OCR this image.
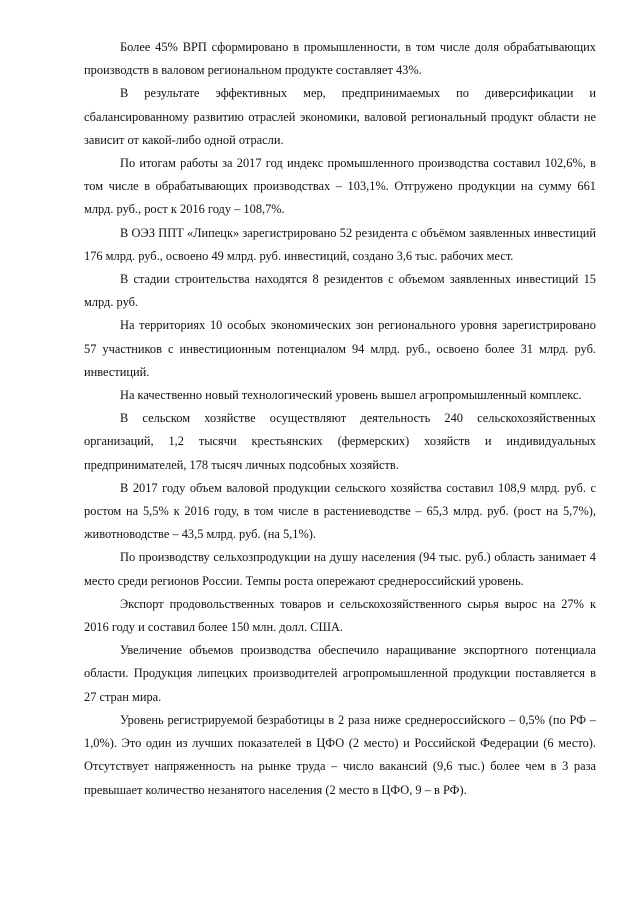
Более 45% ВРП сформировано в промышленности, в том числе доля обрабатывающих производств в валовом региональном продукте составляет 43%.

В результате эффективных мер, предпринимаемых по диверсификации и сбалансированному развитию отраслей экономики, валовой региональный продукт области не зависит от какой-либо одной отрасли.

По итогам работы за 2017 год индекс промышленного производства составил 102,6%, в том числе в обрабатывающих производствах – 103,1%. Отгружено продукции на сумму 661 млрд. руб., рост к 2016 году – 108,7%.

В ОЭЗ ППТ «Липецк» зарегистрировано 52 резидента с объёмом заявленных инвестиций 176 млрд. руб., освоено 49 млрд. руб. инвестиций, создано 3,6 тыс. рабочих мест.

В стадии строительства находятся 8 резидентов с объемом заявленных инвестиций 15 млрд. руб.

На территориях 10 особых экономических зон регионального уровня зарегистрировано 57 участников с инвестиционным потенциалом 94 млрд. руб., освоено более 31 млрд. руб. инвестиций.

На качественно новый технологический уровень вышел агропромышленный комплекс.

В сельском хозяйстве осуществляют деятельность 240 сельскохозяйственных организаций, 1,2 тысячи крестьянских (фермерских) хозяйств и индивидуальных предпринимателей, 178 тысяч личных подсобных хозяйств.

В 2017 году объем валовой продукции сельского хозяйства составил 108,9 млрд. руб. с ростом на 5,5% к 2016 году, в том числе в растениеводстве – 65,3 млрд. руб. (рост на 5,7%), животноводстве – 43,5 млрд. руб. (на 5,1%).

По производству сельхозпродукции на душу населения (94 тыс. руб.) область занимает 4 место среди регионов России. Темпы роста опережают среднероссийский уровень.

Экспорт продовольственных товаров и сельскохозяйственного сырья вырос на 27% к 2016 году и составил более 150 млн. долл. США.

Увеличение объемов производства обеспечило наращивание экспортного потенциала области. Продукция липецких производителей агропромышленной продукции поставляется в 27 стран мира.

Уровень регистрируемой безработицы в 2 раза ниже среднероссийского – 0,5% (по РФ – 1,0%). Это один из лучших показателей в ЦФО (2 место) и Российской Федерации (6 место). Отсутствует напряженность на рынке труда – число вакансий (9,6 тыс.) более чем в 3 раза превышает количество незанятого населения (2 место в ЦФО, 9 – в РФ).
